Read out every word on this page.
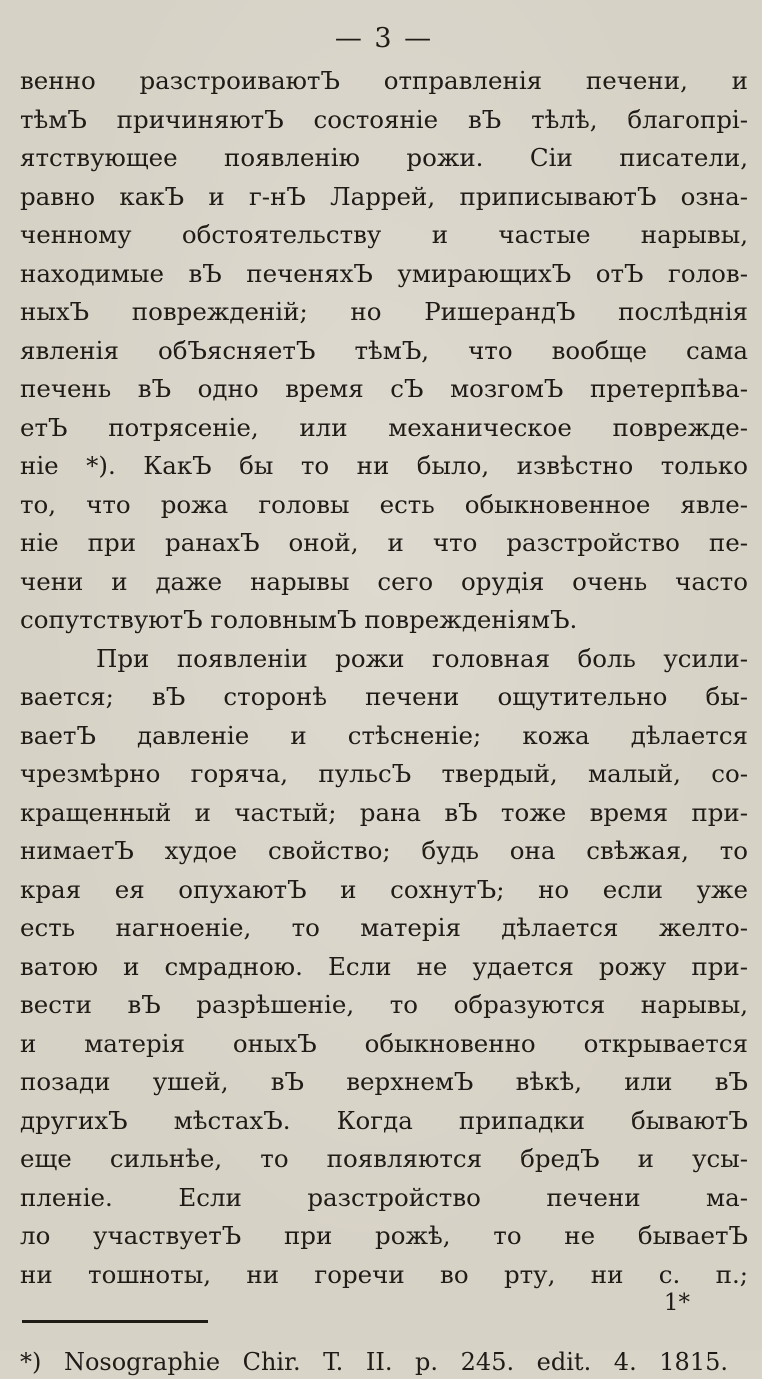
— 3 —
венно разстроиваютЪ отправленія печени, и
тѣмЪ причиняютЪ состояніе вЪ тѣлѣ, благопрі-
ятствующее появленію рожи. Сіи писатели,
равно какЪ и г-нЪ Ларрей, приписываютЪ озна-
ченному обстоятельству и частые нарывы,
находимые вЪ печеняхЪ умирающихЪ отЪ голов-
ныхЪ поврежденій; но РишерандЪ послѣднія
явленія обЪясняетЪ тѣмЪ, что вообще сама
печень вЪ одно время сЪ мозгомЪ претерпѣва-
етЪ потрясеніе, или механическое поврежде-
ніе *). КакЪ бы то ни было, извѣстно только
то, что рожа головы есть обыкновенное явле-
ніе при ранахЪ оной, и что разстройство пе-
чени и даже нарывы сего орудія очень часто
сопутствуютЪ головнымЪ поврежденіямЪ.
При появленіи рожи головная боль усили-
вается; вЪ сторонѣ печени ощутительно бы-
ваетЪ давленіе и стѣсненіе; кожа дѣлается
чрезмѣрно горяча, пульсЪ твердый, малый, со-
кращенный и частый; рана вЪ тоже время при-
нимаетЪ худое свойство; будь она свѣжая, то
края ея опухаютЪ и сохнутЪ; но если уже
есть нагноеніе, то матерія дѣлается желто-
ватою и смрадною. Если не удается рожу при-
вести вЪ разрѣшеніе, то образуются нарывы,
и матерія оныхЪ обыкновенно открывается
позади ушей, вЪ верхнемЪ вѣкѣ, или вЪ
другихЪ мѣстахЪ. Когда припадки бываютЪ
еще сильнѣе, то появляются бредЪ и усы-
пленіе. Если разстройство печени ма-
ло участвуетЪ при рожѣ, то не бываетЪ
ни тошноты, ни горечи во рту, ни с. п.;
*) Nosographie Chir. T. II. p. 245. edit. 4. 1815.
1*
